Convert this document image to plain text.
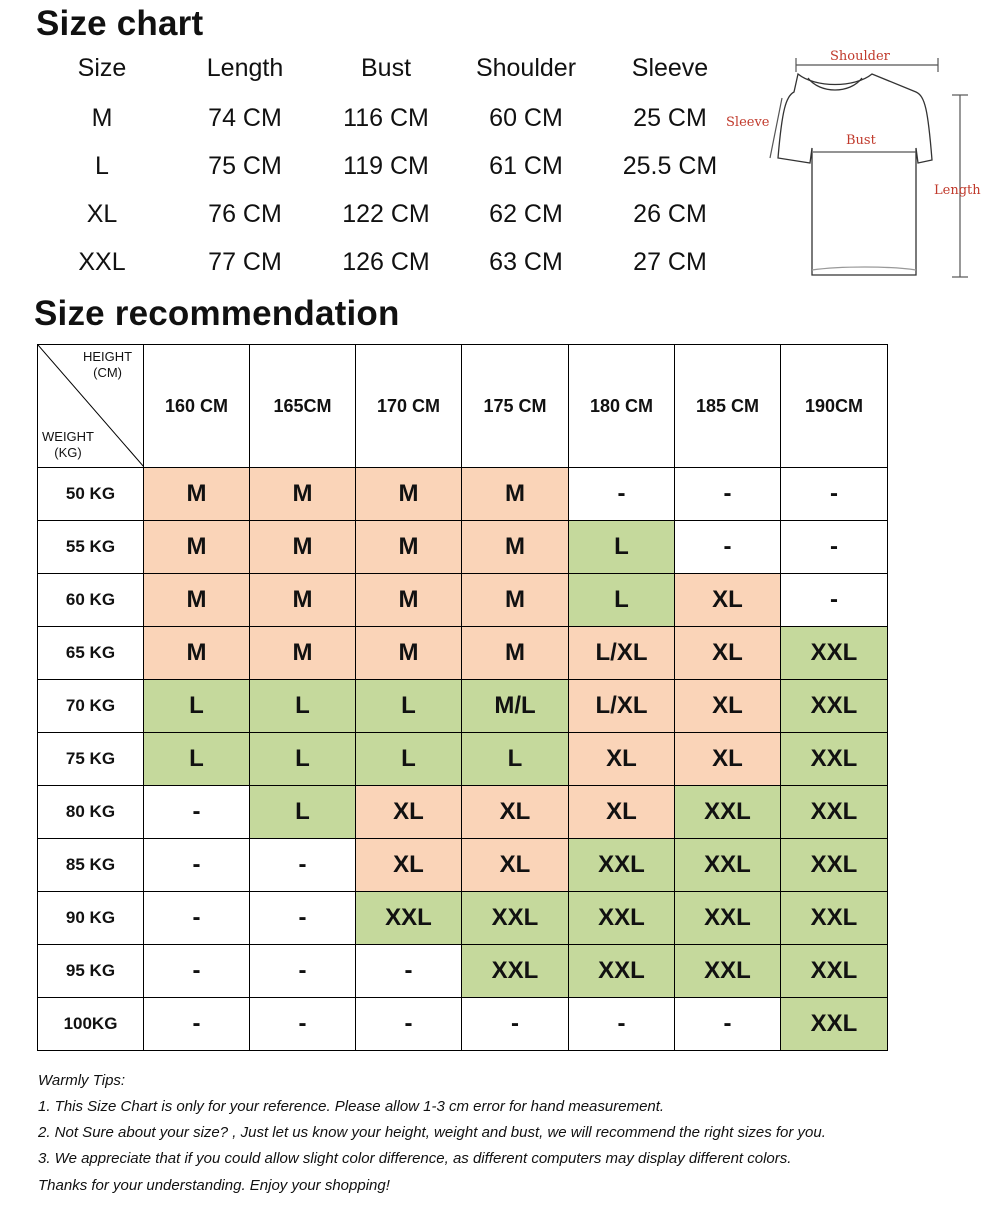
Size chart
Size	Length	Bust	Shoulder	Sleeve
M	74 CM	116 CM	60 CM	25 CM
L	75 CM	119 CM	61 CM	25.5 CM
XL	76 CM	122 CM	62 CM	26 CM
XXL	77 CM	126 CM	63 CM	27 CM
Shoulder
Sleeve
Bust
Length
Size recommendation
HEIGHT
(CM)
WEIGHT
(KG)	160 CM	165CM	170 CM	175 CM	180 CM	185 CM	190CM
50 KG	M	M	M	M	-	-	-
55 KG	M	M	M	M	L	-	-
60 KG	M	M	M	M	L	XL	-
65 KG	M	M	M	M	L/XL	XL	XXL
70 KG	L	L	L	M/L	L/XL	XL	XXL
75 KG	L	L	L	L	XL	XL	XXL
80 KG	-	L	XL	XL	XL	XXL	XXL
85 KG	-	-	XL	XL	XXL	XXL	XXL
90 KG	-	-	XXL	XXL	XXL	XXL	XXL
95 KG	-	-	-	XXL	XXL	XXL	XXL
100KG	-	-	-	-	-	-	XXL
Warmly Tips:
1. This Size Chart is only for your reference. Please allow 1-3 cm error for hand measurement.
2. Not Sure about your size? , Just let us know your height, weight and bust, we will recommend the right sizes for you.
3. We appreciate that if you could allow slight color difference, as different computers may display different colors.
Thanks for your understanding. Enjoy your shopping!
